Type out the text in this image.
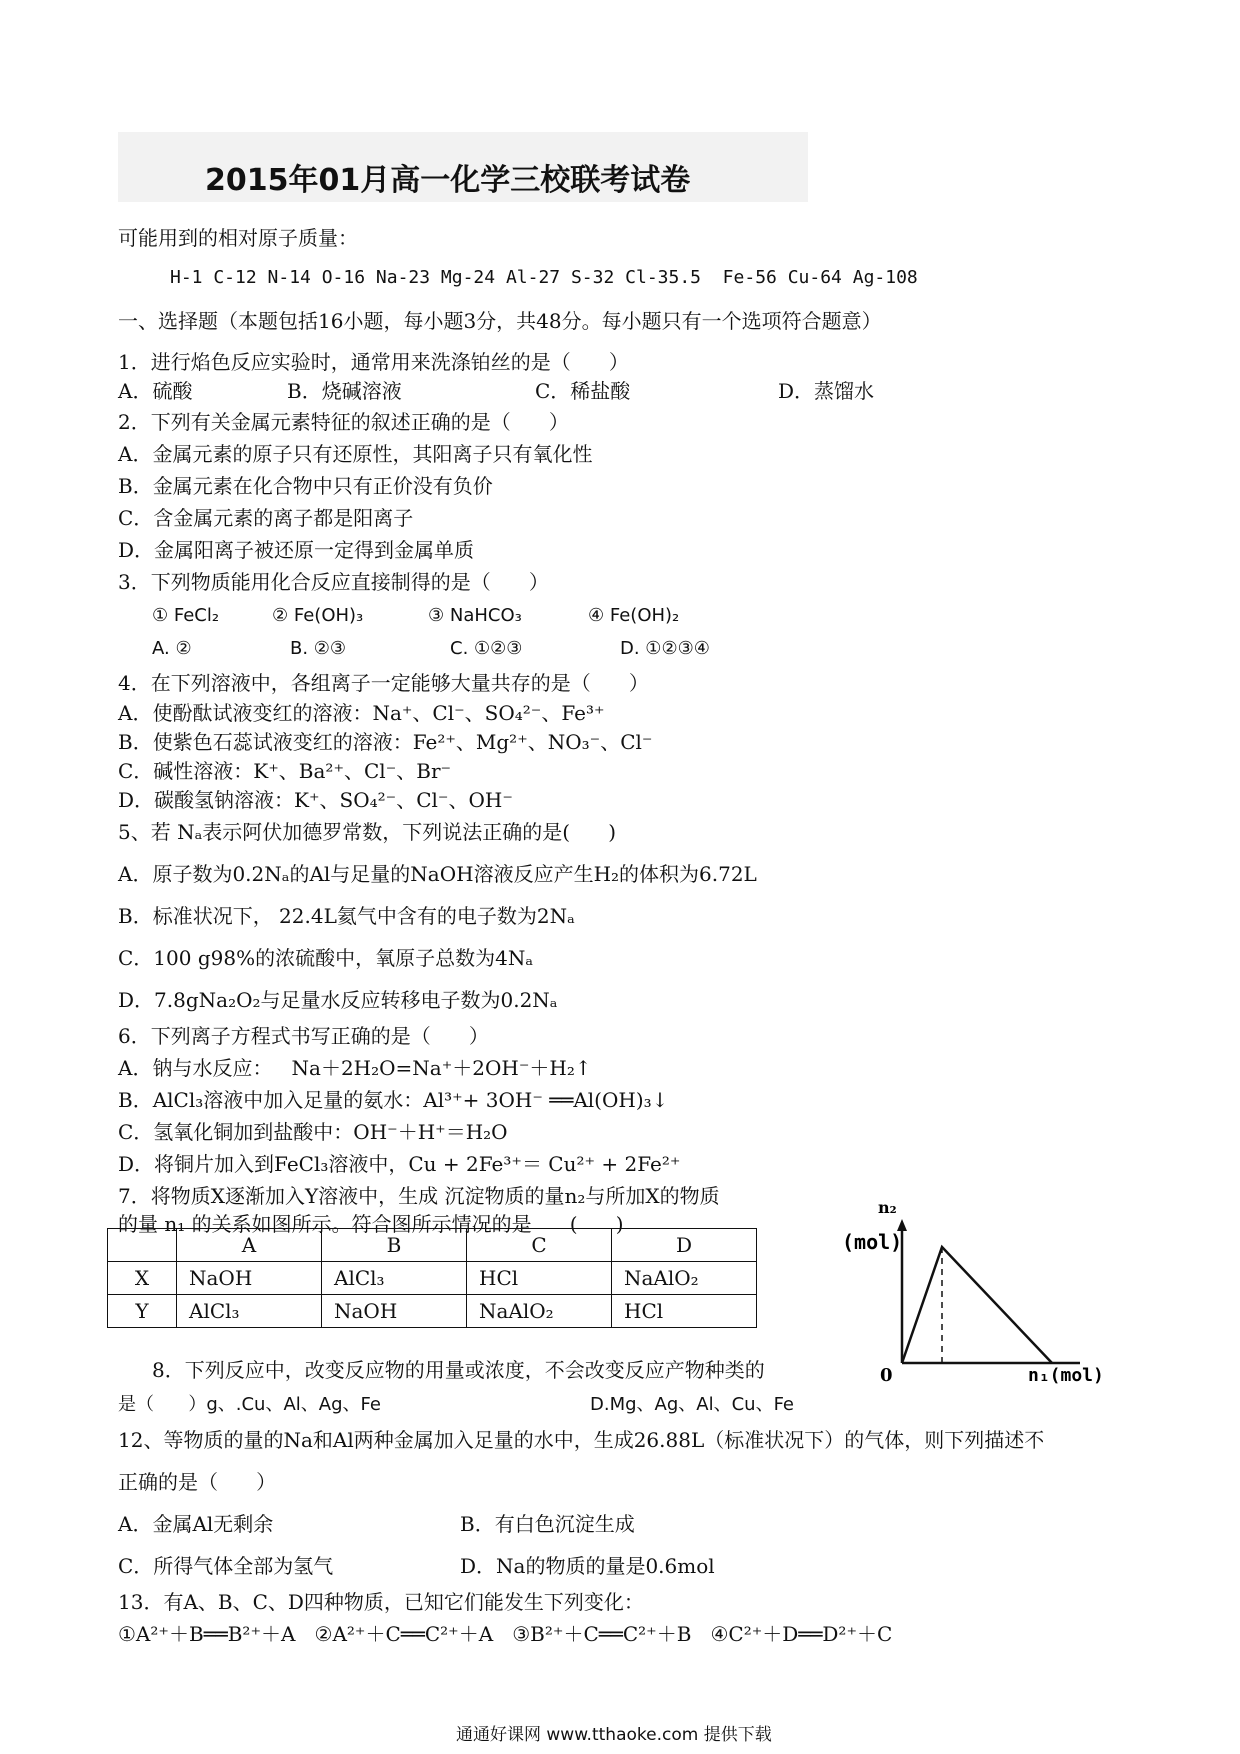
2015年01月高一化学三校联考试卷
可能用到的相对原子质量：
H-1 C-12 N-14 O-16 Na-23 Mg-24 Al-27 S-32 Cl-35.5  Fe-56 Cu-64 Ag-108
一、选择题（本题包括16小题，每小题3分，共48分。每小题只有一个选项符合题意）
1．进行焰色反应实验时，通常用来洗涤铂丝的是（      ）
A．硫酸	B．烧碱溶液	C．稀盐酸	D．蒸馏水
2．下列有关金属元素特征的叙述正确的是（      ）
A．金属元素的原子只有还原性，其阳离子只有氧化性
B．金属元素在化合物中只有正价没有负价
C．含金属元素的离子都是阳离子
D．金属阳离子被还原一定得到金属单质
3．下列物质能用化合反应直接制得的是（      ）
① FeCl₂	② Fe(OH)₃	③ NaHCO₃	④ Fe(OH)₂
A. ②	B. ②③	C. ①②③	D. ①②③④
4．在下列溶液中，各组离子一定能够大量共存的是（      ）
A．使酚酞试液变红的溶液：Na⁺、Cl⁻、SO₄²⁻、Fe³⁺
B．使紫色石蕊试液变红的溶液：Fe²⁺、Mg²⁺、NO₃⁻、Cl⁻
C．碱性溶液：K⁺、Ba²⁺、Cl⁻、Br⁻
D．碳酸氢钠溶液：K⁺、SO₄²⁻、Cl⁻、OH⁻
5、若 Nₐ表示阿伏加德罗常数，下列说法正确的是(      )
A．原子数为0.2Nₐ的Al与足量的NaOH溶液反应产生H₂的体积为6.72L
B．标准状况下， 22.4L氦气中含有的电子数为2Nₐ
C．100 g98%的浓硫酸中，氧原子总数为4Nₐ
D．7.8gNa₂O₂与足量水反应转移电子数为0.2Nₐ
6．下列离子方程式书写正确的是（      ）
A．钠与水反应：   Na＋2H₂O=Na⁺＋2OH⁻＋H₂↑
B．AlCl₃溶液中加入足量的氨水：Al³⁺+ 3OH⁻ ══Al(OH)₃↓
C．氢氧化铜加到盐酸中：OH⁻＋H⁺＝H₂O
D．将铜片加入到FeCl₃溶液中，Cu + 2Fe³⁺＝ Cu²⁺ + 2Fe²⁺
7．将物质X逐渐加入Y溶液中，生成 沉淀物质的量n₂与所加X的物质
的量 n₁ 的关系如图所示。符合图所示情况的是      (      )
	A	B	C	D
X	NaOH	AlCl₃	HCl	NaAlO₂
Y	AlCl₃	NaOH	NaAlO₂	HCl
n₂
(mol)
0	n₁(mol)
8．下列反应中，改变反应物的用量或浓度，不会改变反应产物种类的
是（      ）g、.Cu、Al、Ag、Fe	D.Mg、Ag、Al、Cu、Fe
12、等物质的量的Na和Al两种金属加入足量的水中，生成26.88L（标准状况下）的气体，则下列描述不
正确的是（      ）
A．金属Al无剩余	B．有白色沉淀生成
C．所得气体全部为氢气	D．Na的物质的量是0.6mol
13．有A、B、C、D四种物质，已知它们能发生下列变化：
①A²⁺＋B══B²⁺＋A   ②A²⁺＋C══C²⁺＋A   ③B²⁺＋C══C²⁺＋B   ④C²⁺＋D══D²⁺＋C
通通好课网 www.tthaoke.com 提供下载
